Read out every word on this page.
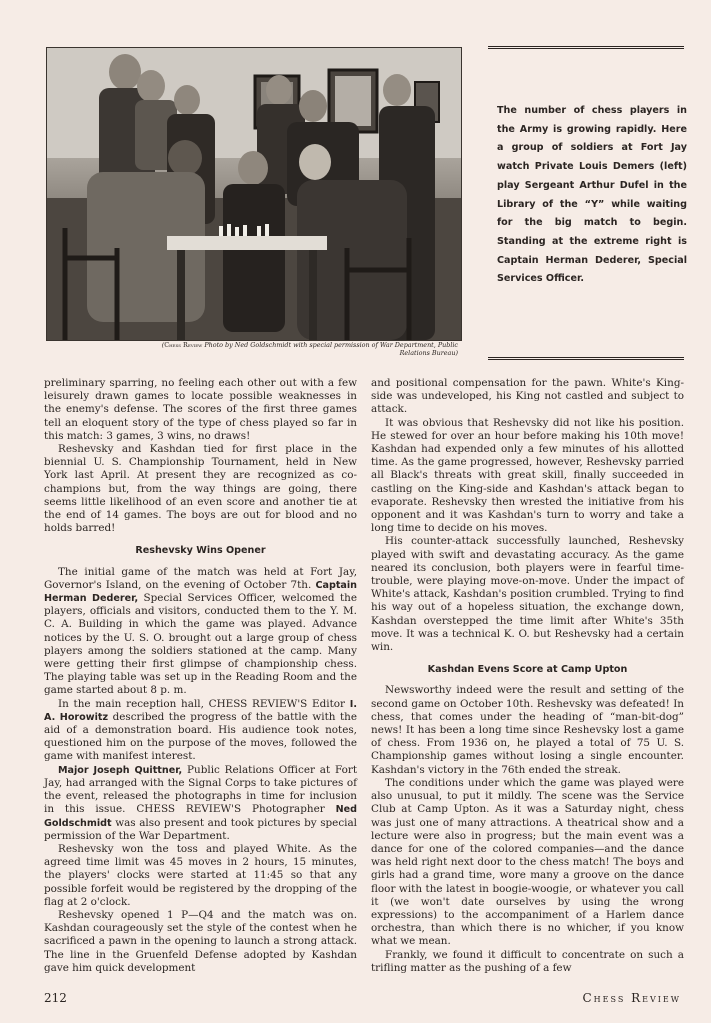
(Chess Review Photo by Ned Goldschmidt with special permission of War Department, Public Relations Bureau)
The number of chess players in the Army is growing rapidly. Here a group of soldiers at Fort Jay watch Private Louis Demers (left) play Sergeant Arthur Dufel in the Library of the “Y” while waiting for the big match to begin. Standing at the extreme right is Captain Herman Dederer, Special Services Officer.

preliminary sparring, no feeling each other out with a few leisurely drawn games to locate possible weaknesses in the enemy's defense. The scores of the first three games tell an eloquent story of the type of chess played so far in this match: 3 games, 3 wins, no draws!

Reshevsky and Kashdan tied for first place in the biennial U. S. Championship Tournament, held in New York last April. At present they are recognized as co-champions but, from the way things are going, there seems little likelihood of an even score and another tie at the end of 14 games. The boys are out for blood and no holds barred!

Reshevsky Wins Opener

The initial game of the match was held at Fort Jay, Governor's Island, on the evening of October 7th. Captain Herman Dederer, Special Services Officer, welcomed the players, officials and visitors, conducted them to the Y. M. C. A. Building in which the game was played. Advance notices by the U. S. O. brought out a large group of chess players among the soldiers stationed at the camp. Many were getting their first glimpse of championship chess. The playing table was set up in the Reading Room and the game started about 8 p. m.

In the main reception hall, CHESS REVIEW'S Editor I. A. Horowitz described the progress of the battle with the aid of a demonstration board. His audience took notes, questioned him on the purpose of the moves, followed the game with manifest interest.

Major Joseph Quittner, Public Relations Officer at Fort Jay, had arranged with the Signal Corps to take pictures of the event, released the photographs in time for inclusion in this issue. CHESS REVIEW'S Photographer Ned Goldschmidt was also present and took pictures by special permission of the War Department.

Reshevsky won the toss and played White. As the agreed time limit was 45 moves in 2 hours, 15 minutes, the players' clocks were started at 11:45 so that any possible forfeit would be registered by the dropping of the flag at 2 o'clock.

Reshevsky opened 1 P—Q4 and the match was on. Kashdan courageously set the style of the contest when he sacrificed a pawn in the opening to launch a strong attack. The line in the Gruenfeld Defense adopted by Kashdan gave him quick development

and positional compensation for the pawn. White's King-side was undeveloped, his King not castled and subject to attack.

It was obvious that Reshevsky did not like his position. He stewed for over an hour before making his 10th move! Kashdan had expended only a few minutes of his allotted time. As the game progressed, however, Reshevsky parried all Black's threats with great skill, finally succeeded in castling on the King-side and Kashdan's attack began to evaporate. Reshevsky then wrested the initiative from his opponent and it was Kashdan's turn to worry and take a long time to decide on his moves.

His counter-attack successfully launched, Reshevsky played with swift and devastating accuracy. As the game neared its conclusion, both players were in fearful time-trouble, were playing move-on-move. Under the impact of White's attack, Kashdan's position crumbled. Trying to find his way out of a hopeless situation, the exchange down, Kashdan overstepped the time limit after White's 35th move. It was a technical K. O. but Reshevsky had a certain win.

Kashdan Evens Score at Camp Upton

Newsworthy indeed were the result and setting of the second game on October 10th. Reshevsky was defeated! In chess, that comes under the heading of “man-bit-dog” news! It has been a long time since Reshevsky lost a game of chess. From 1936 on, he played a total of 75 U. S. Championship games without losing a single encounter. Kashdan's victory in the 76th ended the streak.

The conditions under which the game was played were also unusual, to put it mildly. The scene was the Service Club at Camp Upton. As it was a Saturday night, chess was just one of many attractions. A theatrical show and a lecture were also in progress; but the main event was a dance for one of the colored companies—and the dance was held right next door to the chess match! The boys and girls had a grand time, wore many a groove on the dance floor with the latest in boogie-woogie, or whatever you call it (we won't date ourselves by using the wrong expressions) to the accompaniment of a Harlem dance orchestra, than which there is no whicher, if you know what we mean.

Frankly, we found it difficult to concentrate on such a trifling matter as the pushing of a few

212	Chess Review
